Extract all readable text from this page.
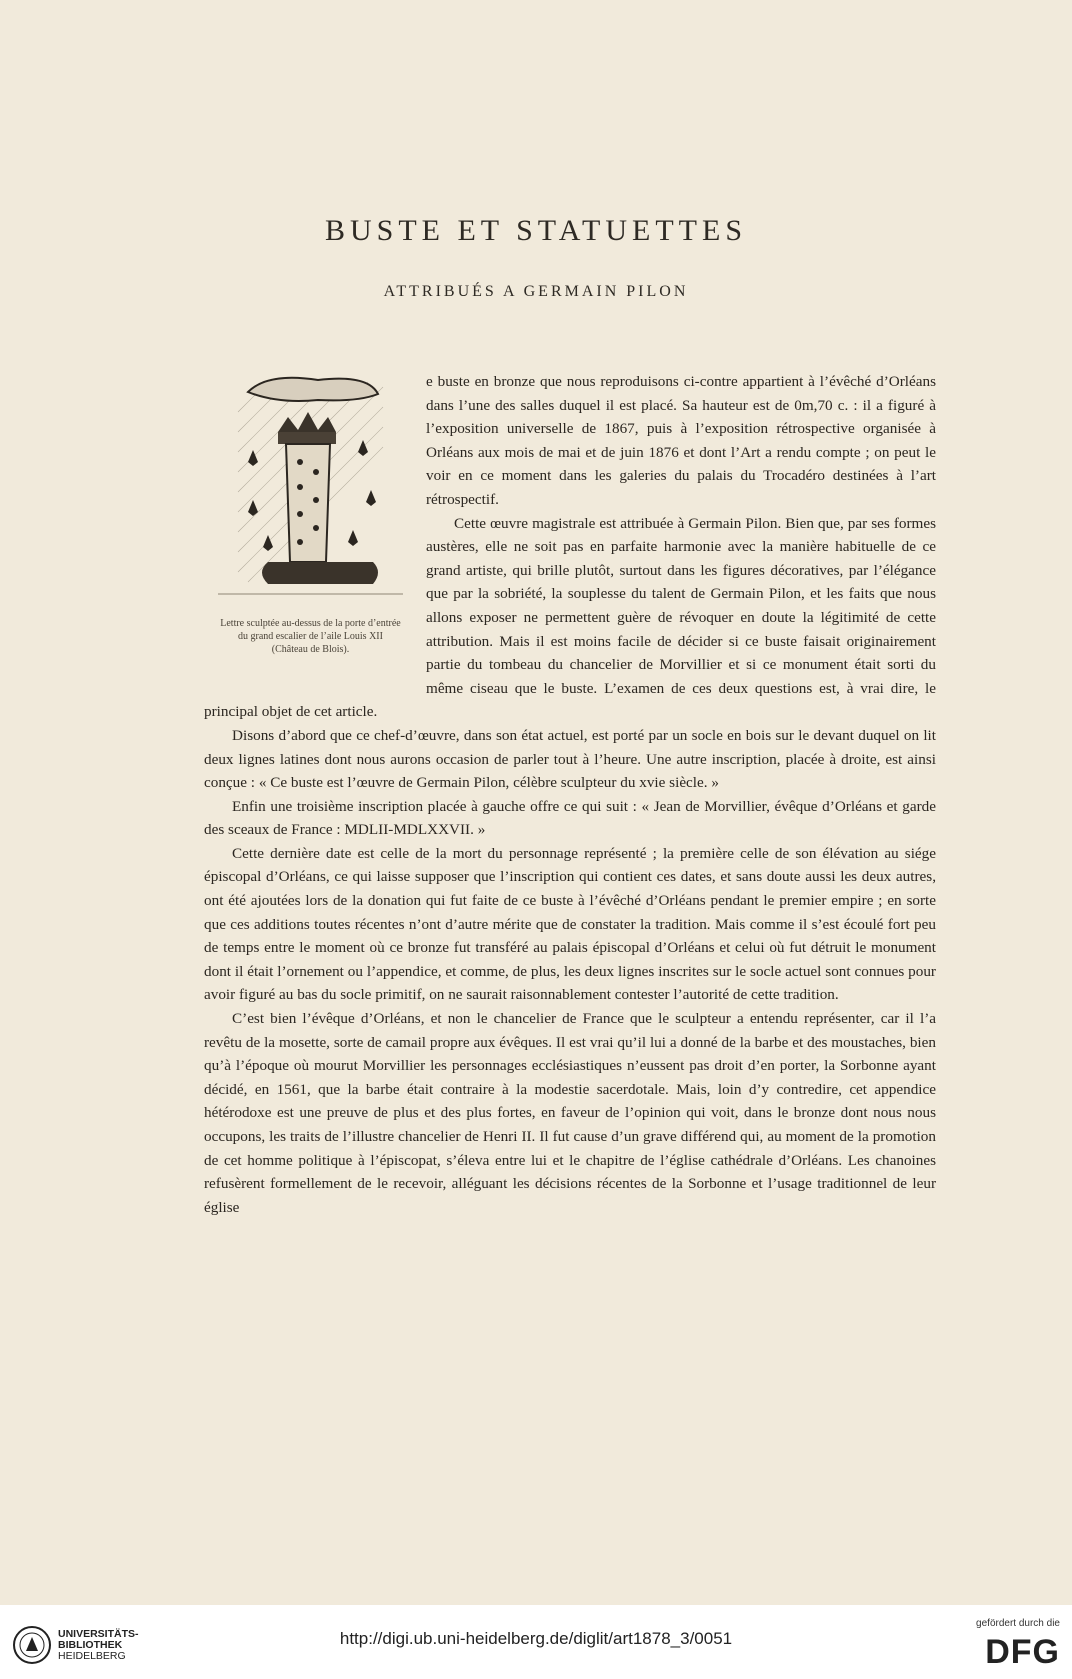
BUSTE ET STATUETTES
ATTRIBUÉS A GERMAIN PILON
Lettre sculptée au-dessus de la porte d’entrée
du grand escalier de l’aile Louis XII
(Château de Blois).

e buste en bronze que nous reproduisons ci-contre appartient à l’évêché d’Orléans dans l’une des salles duquel il est placé. Sa hauteur est de 0m,70 c. : il a figuré à l’exposition universelle de 1867, puis à l’exposition rétrospective organisée à Orléans aux mois de mai et de juin 1876 et dont l’Art a rendu compte ; on peut le voir en ce moment dans les galeries du palais du Trocadéro destinées à l’art rétrospectif.

Cette œuvre magistrale est attribuée à Germain Pilon. Bien que, par ses formes austères, elle ne soit pas en parfaite harmonie avec la manière habituelle de ce grand artiste, qui brille plutôt, surtout dans les figures décoratives, par l’élégance que par la sobriété, la souplesse du talent de Germain Pilon, et les faits que nous allons exposer ne permettent guère de révoquer en doute la légitimité de cette attribution. Mais il est moins facile de décider si ce buste faisait originairement partie du tombeau du chancelier de Morvillier et si ce monument était sorti du même ciseau que le buste. L’examen de ces deux questions est, à vrai dire, le principal objet de cet article.

Disons d’abord que ce chef-d’œuvre, dans son état actuel, est porté par un socle en bois sur le devant duquel on lit deux lignes latines dont nous aurons occasion de parler tout à l’heure. Une autre inscription, placée à droite, est ainsi conçue : « Ce buste est l’œuvre de Germain Pilon, célèbre sculpteur du xvie siècle. »

Enfin une troisième inscription placée à gauche offre ce qui suit : « Jean de Morvillier, évêque d’Orléans et garde des sceaux de France : MDLII-MDLXXVII. »

Cette dernière date est celle de la mort du personnage représenté ; la première celle de son élévation au siége épiscopal d’Orléans, ce qui laisse supposer que l’inscription qui contient ces dates, et sans doute aussi les deux autres, ont été ajoutées lors de la donation qui fut faite de ce buste à l’évêché d’Orléans pendant le premier empire ; en sorte que ces additions toutes récentes n’ont d’autre mérite que de constater la tradition. Mais comme il s’est écoulé fort peu de temps entre le moment où ce bronze fut transféré au palais épiscopal d’Orléans et celui où fut détruit le monument dont il était l’ornement ou l’appendice, et comme, de plus, les deux lignes inscrites sur le socle actuel sont connues pour avoir figuré au bas du socle primitif, on ne saurait raisonnablement contester l’autorité de cette tradition.

C’est bien l’évêque d’Orléans, et non le chancelier de France que le sculpteur a entendu représenter, car il l’a revêtu de la mosette, sorte de camail propre aux évêques. Il est vrai qu’il lui a donné de la barbe et des moustaches, bien qu’à l’époque où mourut Morvillier les personnages ecclésiastiques n’eussent pas droit d’en porter, la Sorbonne ayant décidé, en 1561, que la barbe était contraire à la modestie sacerdotale. Mais, loin d’y contredire, cet appendice hétérodoxe est une preuve de plus et des plus fortes, en faveur de l’opinion qui voit, dans le bronze dont nous nous occupons, les traits de l’illustre chancelier de Henri II. Il fut cause d’un grave différend qui, au moment de la promotion de cet homme politique à l’épiscopat, s’éleva entre lui et le chapitre de l’église cathédrale d’Orléans. Les chanoines refusèrent formellement de le recevoir, alléguant les décisions récentes de la Sorbonne et l’usage traditionnel de leur église

UNIVERSITÄTS-
BIBLIOTHEK
HEIDELBERG
http://digi.ub.uni-heidelberg.de/diglit/art1878_3/0051
gefördert durch die
DFG
